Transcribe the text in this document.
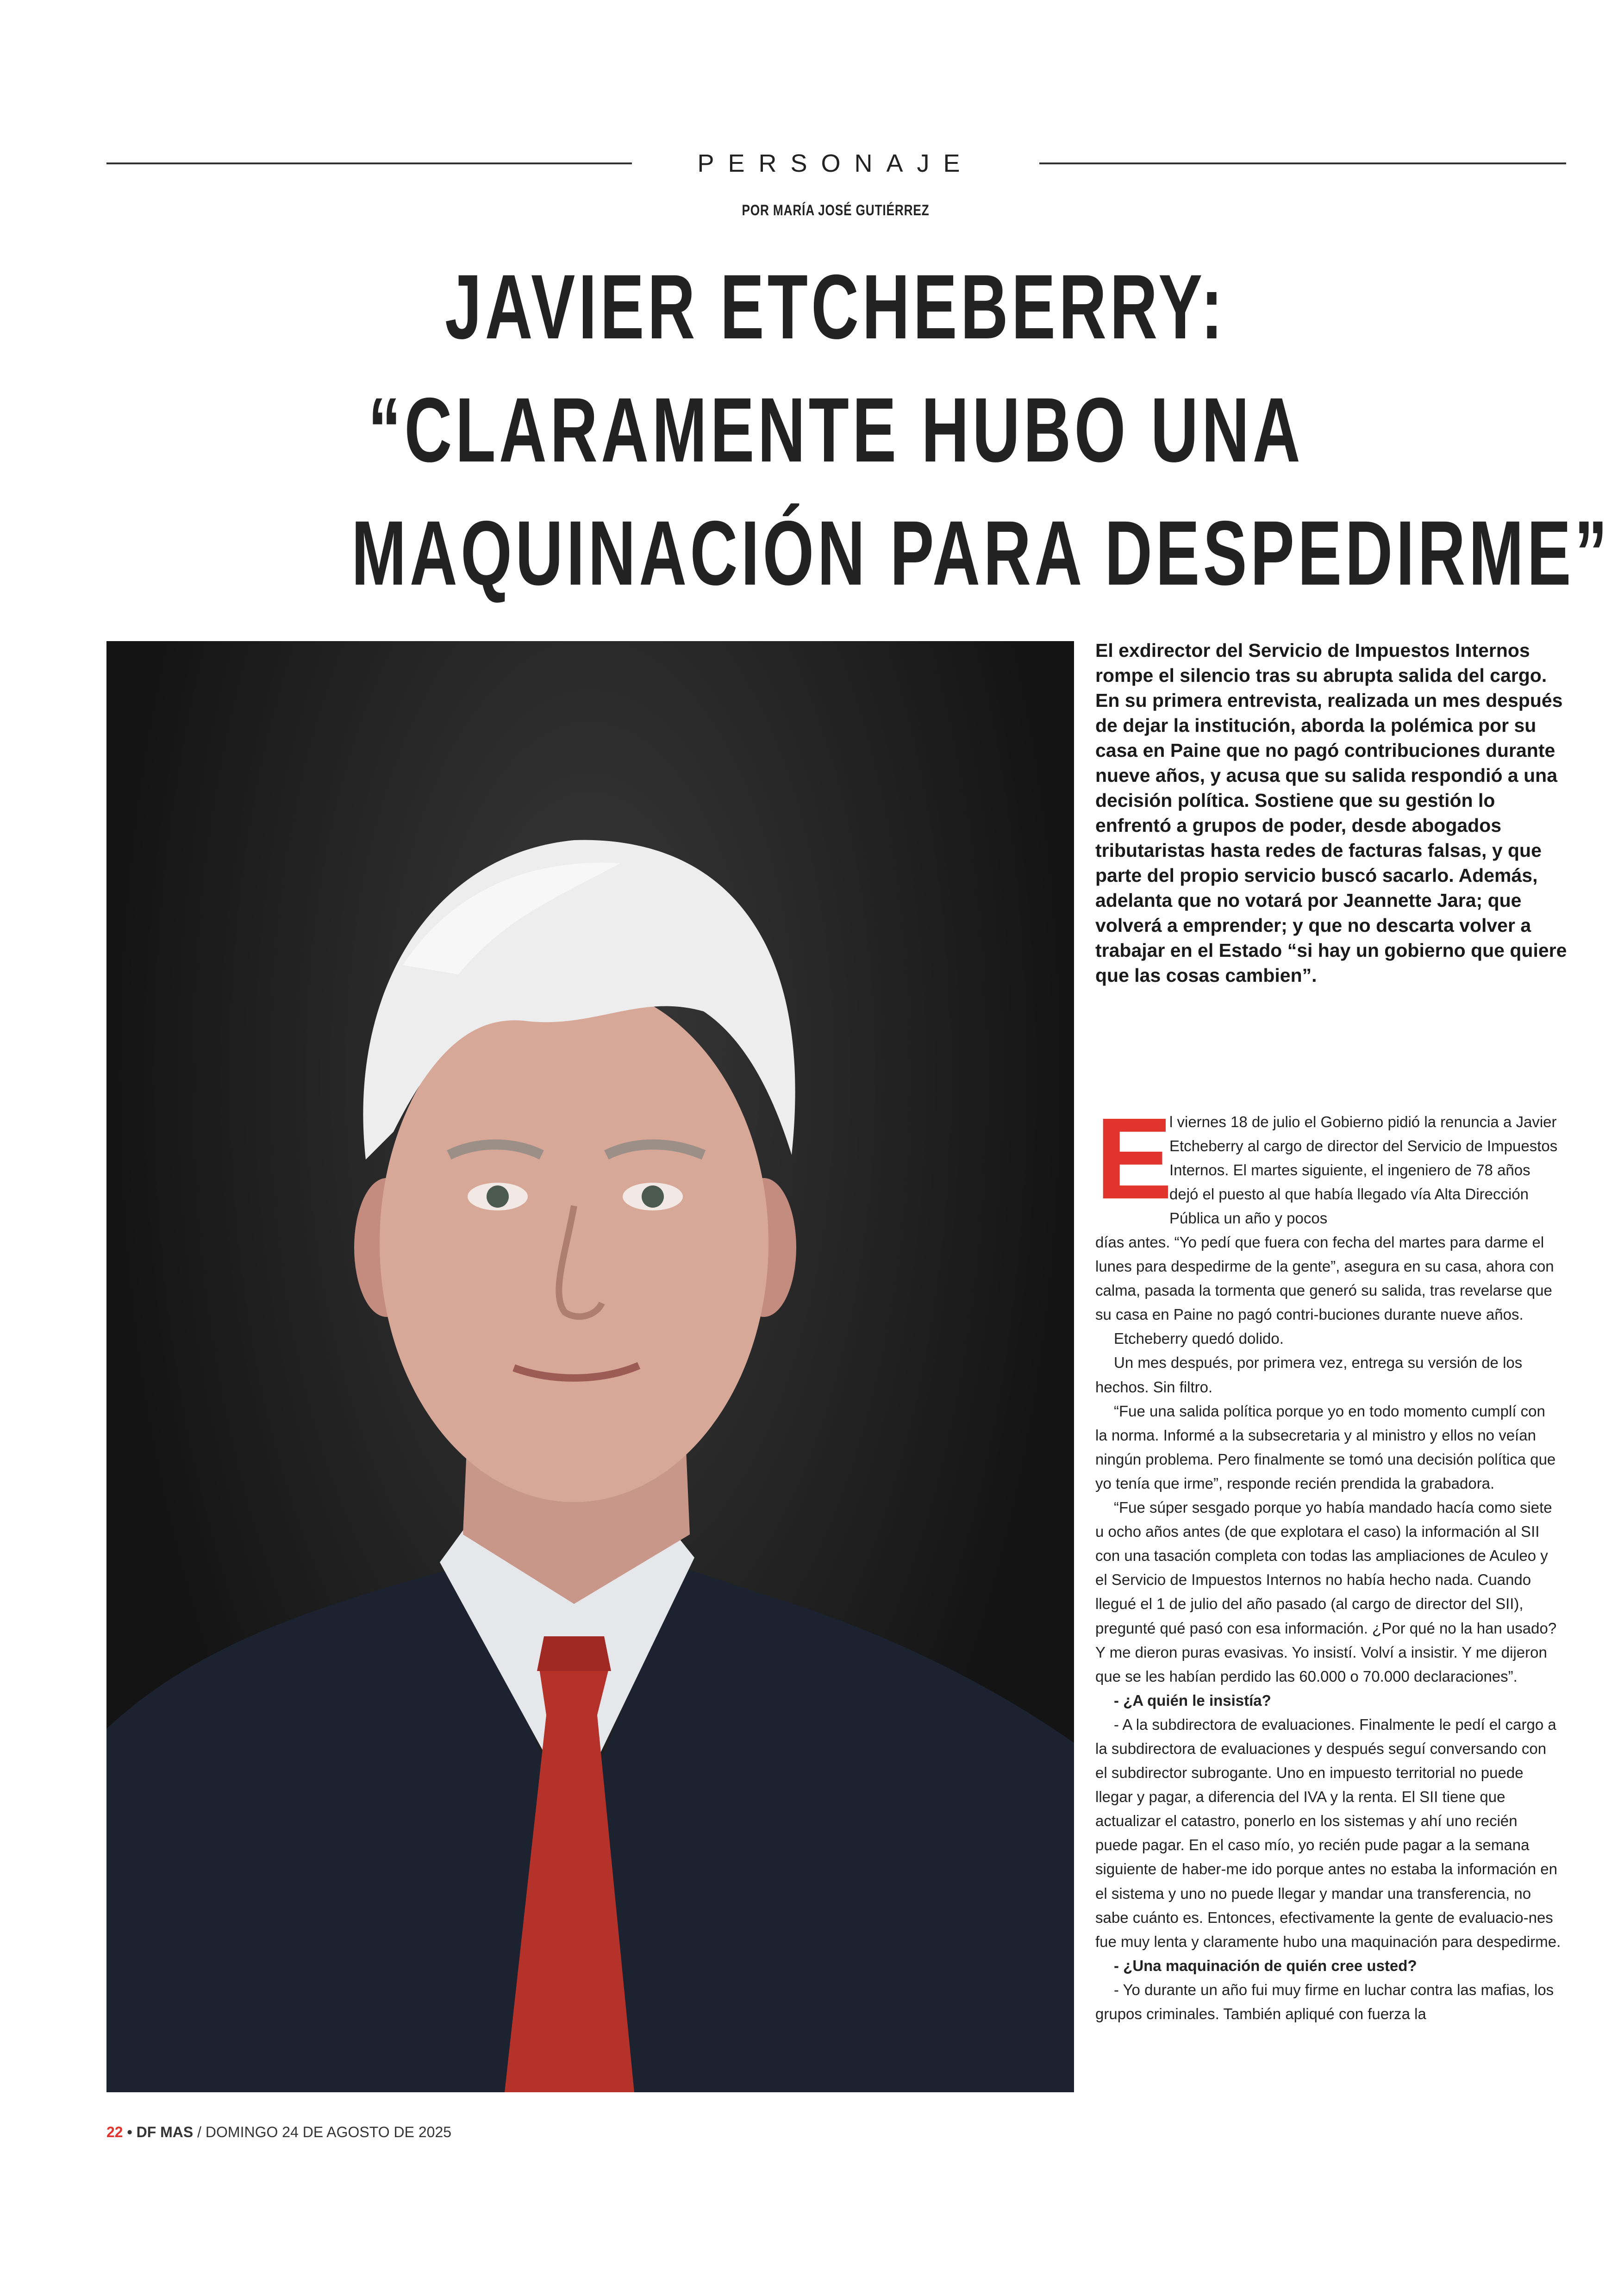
PERSONAJE
POR MARÍA JOSÉ GUTIÉRREZ
JAVIER ETCHEBERRY:
“CLARAMENTE HUBO UNA
MAQUINACIÓN PARA DESPEDIRME”

El exdirector del Servicio de Impuestos Internos rompe el silencio tras su abrupta salida del cargo. En su primera entrevista, realizada un mes después de dejar la institución, aborda la polémica por su casa en Paine que no pagó contribuciones durante nueve años, y acusa que su salida respondió a una decisión política. Sostiene que su gestión lo enfrentó a grupos de poder, desde abogados tributaristas hasta redes de facturas falsas, y que parte del propio servicio buscó sacarlo. Además, adelanta que no votará por Jeannette Jara; que volverá a emprender; y que no descarta volver a trabajar en el Estado “si hay un gobierno que quiere que las cosas cambien”.

E

l viernes 18 de julio el Gobierno pidió la renuncia a Javier Etcheberry al cargo de director del Servicio de Impuestos Internos. El martes siguiente, el ingeniero de 78 años dejó el puesto al que había llegado vía Alta Dirección Pública un año y pocos

días antes. “Yo pedí que fuera con fecha del martes para darme el lunes para despedirme de la gente”, asegura en su casa, ahora con calma, pasada la tormenta que generó su salida, tras revelarse que su casa en Paine no pagó contri-buciones durante nueve años.

Etcheberry quedó dolido.

Un mes después, por primera vez, entrega su versión de los hechos. Sin filtro.

“Fue una salida política porque yo en todo momento cumplí con la norma. Informé a la subsecretaria y al ministro y ellos no veían ningún problema. Pero finalmente se tomó una decisión política que yo tenía que irme”, responde recién prendida la grabadora.

“Fue súper sesgado porque yo había mandado hacía como siete u ocho años antes (de que explotara el caso) la información al SII con una tasación completa con todas las ampliaciones de Aculeo y el Servicio de Impuestos Internos no había hecho nada. Cuando llegué el 1 de julio del año pasado (al cargo de director del SII), pregunté qué pasó con esa información. ¿Por qué no la han usado? Y me dieron puras evasivas. Yo insistí. Volví a insistir. Y me dijeron que se les habían perdido las 60.000 o 70.000 declaraciones”.

- ¿A quién le insistía?

- A la subdirectora de evaluaciones. Finalmente le pedí el cargo a la subdirectora de evaluaciones y después seguí conversando con el subdirector subrogante. Uno en impuesto territorial no puede llegar y pagar, a diferencia del IVA y la renta. El SII tiene que actualizar el catastro, ponerlo en los sistemas y ahí uno recién puede pagar. En el caso mío, yo recién pude pagar a la semana siguiente de haber-me ido porque antes no estaba la información en el sistema y uno no puede llegar y mandar una transferencia, no sabe cuánto es. Entonces, efectivamente la gente de evaluacio-nes fue muy lenta y claramente hubo una maquinación para despedirme.

- ¿Una maquinación de quién cree usted?

- Yo durante un año fui muy firme en luchar contra las mafias, los grupos criminales. También apliqué con fuerza la

22 • DF MAS / DOMINGO 24 DE AGOSTO DE 2025
